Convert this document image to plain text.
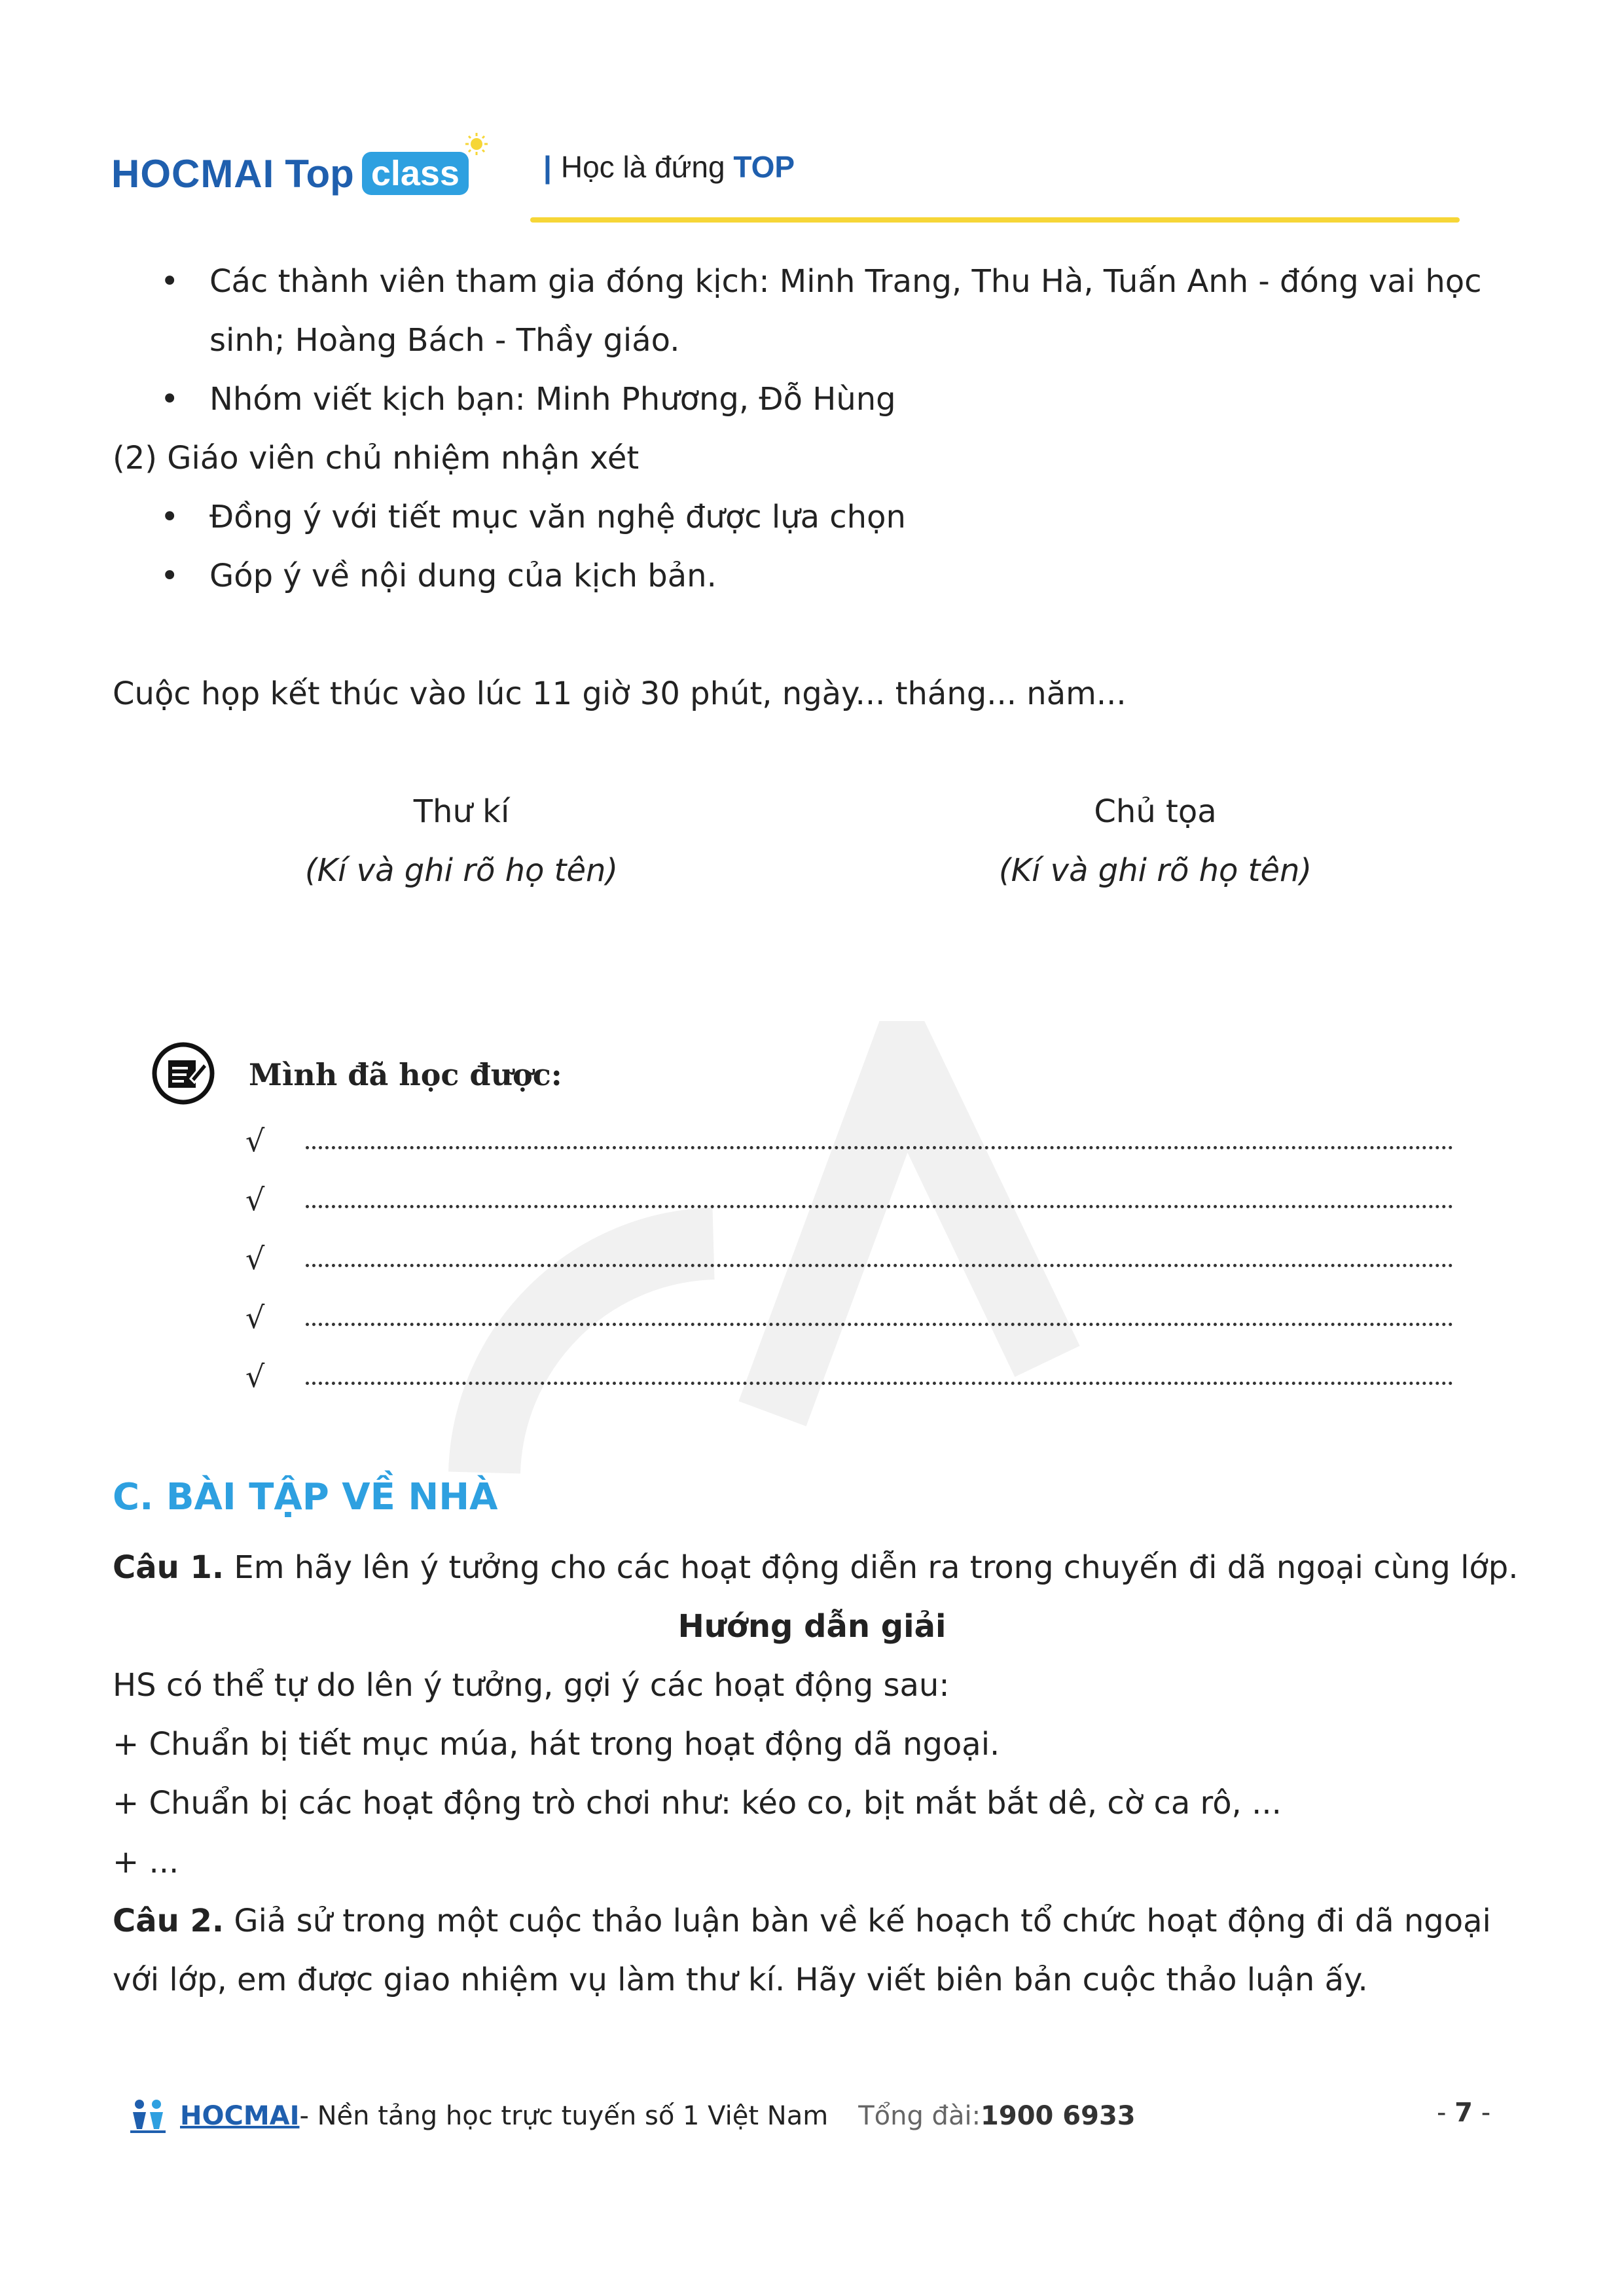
HOCMAI Top class	| Học là đứng TOP
• Các thành viên tham gia đóng kịch: Minh Trang, Thu Hà, Tuấn Anh - đóng vai học
sinh; Hoàng Bách - Thầy giáo.
• Nhóm viết kịch bạn: Minh Phương, Đỗ Hùng
(2) Giáo viên chủ nhiệm nhận xét
• Đồng ý với tiết mục văn nghệ được lựa chọn
• Góp ý về nội dung của kịch bản.
Cuộc họp kết thúc vào lúc 11 giờ 30 phút, ngày... tháng... năm...
Thư kí
(Kí và ghi rõ họ tên)
Chủ tọa
(Kí và ghi rõ họ tên)
Mình đã học được:
√
√
√
√
√
C. BÀI TẬP VỀ NHÀ
Câu 1. Em hãy lên ý tưởng cho các hoạt động diễn ra trong chuyến đi dã ngoại cùng lớp.
Hướng dẫn giải
HS có thể tự do lên ý tưởng, gợi ý các hoạt động sau:
+ Chuẩn bị tiết mục múa, hát trong hoạt động dã ngoại.
+ Chuẩn bị các hoạt động trò chơi như: kéo co, bịt mắt bắt dê, cờ ca rô, ...
+ ...
Câu 2. Giả sử trong một cuộc thảo luận bàn về kế hoạch tổ chức hoạt động đi dã ngoại
với lớp, em được giao nhiệm vụ làm thư kí. Hãy viết biên bản cuộc thảo luận ấy.
HOCMAI - Nền tảng học trực tuyến số 1 Việt Nam Tổng đài: 1900 6933	- 7 -
